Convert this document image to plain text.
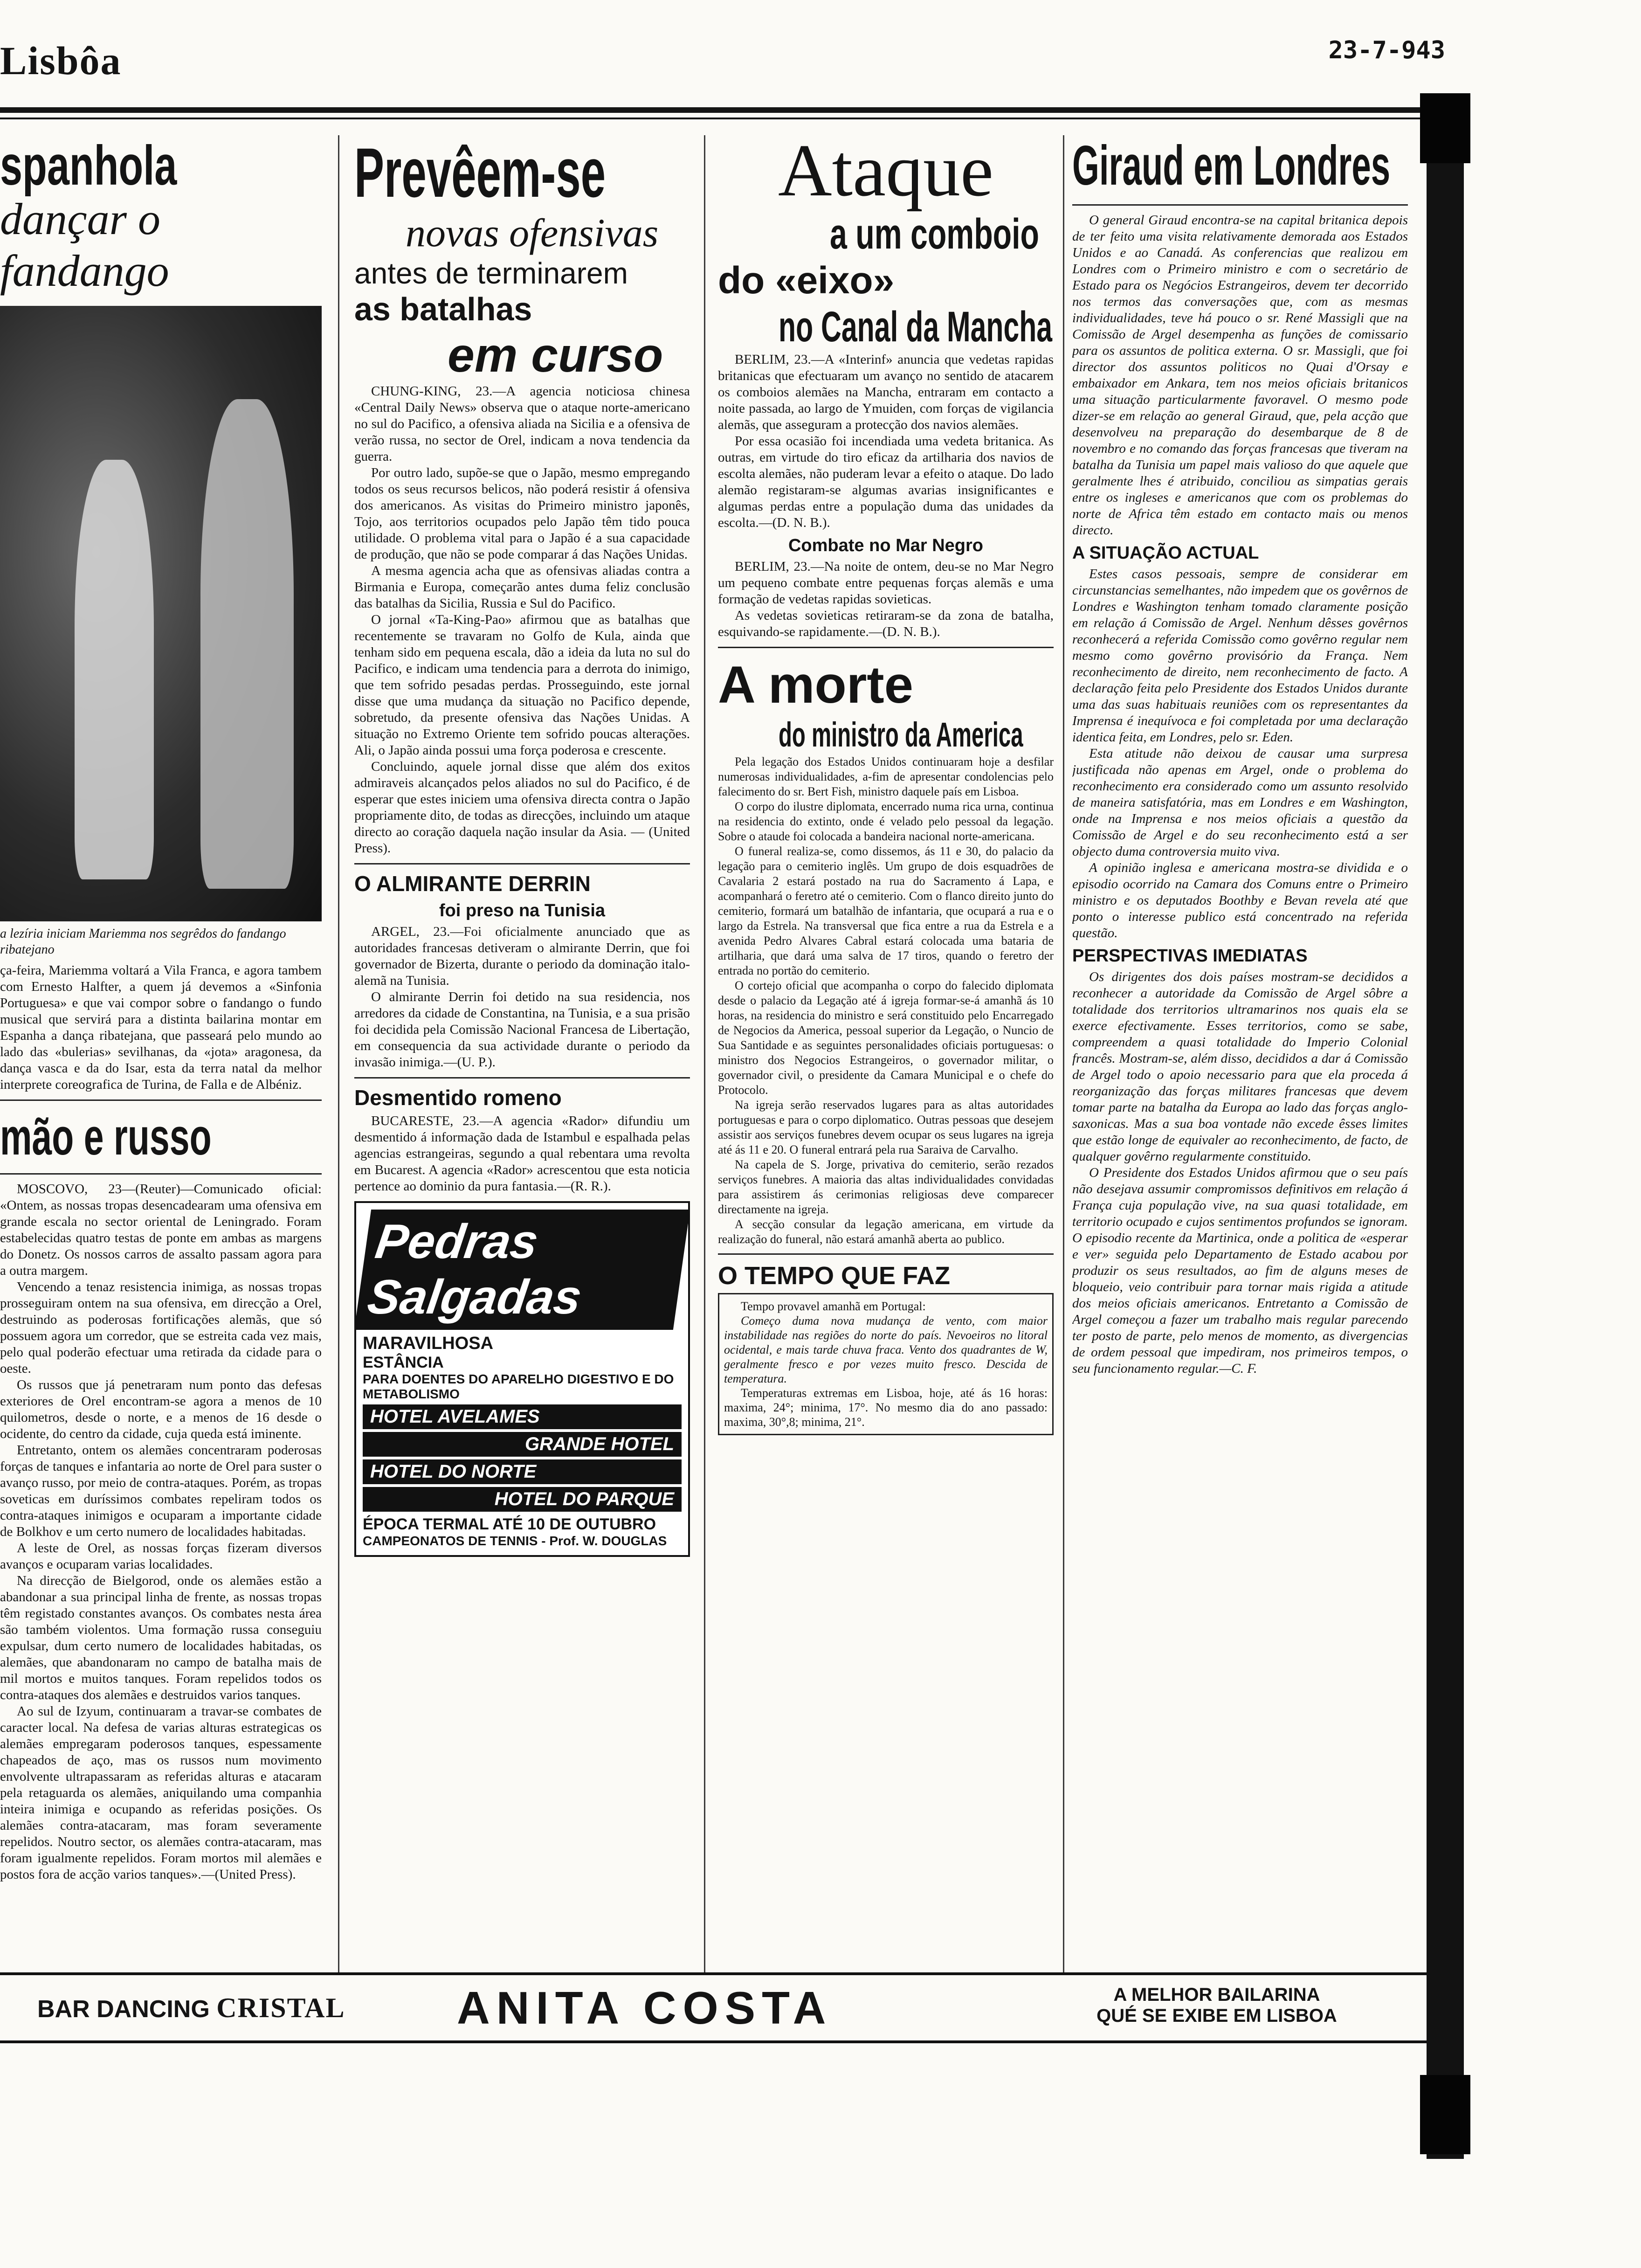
Lisbôa	23-7-943
spanhola
dançar o fandango
a lezíria iniciam Mariemma nos segrêdos do fandango ribatejano

ça-feira, Mariemma voltará a Vila Franca, e agora tambem com Ernesto Halfter, a quem já devemos a «Sinfonia Portuguesa» e que vai compor sobre o fandango o fundo musical que servirá para a distinta bailarina montar em Espanha a dança ribatejana, que passeará pelo mundo ao lado das «bulerias» sevilhanas, da «jota» aragonesa, da dança vasca e da do Isar, esta da terra natal da melhor interprete coreografica de Turina, de Falla e de Albéniz.

mão e russo

MOSCOVO, 23—(Reuter)—Comunicado oficial: «Ontem, as nossas tropas desencadearam uma ofensiva em grande escala no sector oriental de Leningrado. Foram estabelecidas quatro testas de ponte em ambas as margens do Donetz. Os nossos carros de assalto passam agora para a outra margem.

Vencendo a tenaz resistencia inimiga, as nossas tropas prosseguiram ontem na sua ofensiva, em direcção a Orel, destruindo as poderosas fortificações alemãs, que só possuem agora um corredor, que se estreita cada vez mais, pelo qual poderão efectuar uma retirada da cidade para o oeste.

Os russos que já penetraram num ponto das defesas exteriores de Orel encontram-se agora a menos de 10 quilometros, desde o norte, e a menos de 16 desde o ocidente, do centro da cidade, cuja queda está iminente.

Entretanto, ontem os alemães concentraram poderosas forças de tanques e infantaria ao norte de Orel para suster o avanço russo, por meio de contra-ataques. Porém, as tropas soveticas em duríssimos combates repeliram todos os contra-ataques inimigos e ocuparam a importante cidade de Bolkhov e um certo numero de localidades habitadas.

A leste de Orel, as nossas forças fizeram diversos avanços e ocuparam varias localidades.

Na direcção de Bielgorod, onde os alemães estão a abandonar a sua principal linha de frente, as nossas tropas têm registado constantes avanços. Os combates nesta área são também violentos. Uma formação russa conseguiu expulsar, dum certo numero de localidades habitadas, os alemães, que abandonaram no campo de batalha mais de mil mortos e muitos tanques. Foram repelidos todos os contra-ataques dos alemães e destruidos varios tanques.

Ao sul de Izyum, continuaram a travar-se combates de caracter local. Na defesa de varias alturas estrategicas os alemães empregaram poderosos tanques, espessamente chapeados de aço, mas os russos num movimento envolvente ultrapassaram as referidas alturas e atacaram pela retaguarda os alemães, aniquilando uma companhia inteira inimiga e ocupando as referidas posições. Os alemães contra-atacaram, mas foram severamente repelidos. Noutro sector, os alemães contra-atacaram, mas foram igualmente repelidos. Foram mortos mil alemães e postos fora de acção varios tanques».—(United Press).

Prevêem-se
novas ofensivas
antes de terminarem
as batalhas
em curso

CHUNG-KING, 23.—A agencia noticiosa chinesa «Central Daily News» observa que o ataque norte-americano no sul do Pacifico, a ofensiva aliada na Sicilia e a ofensiva de verão russa, no sector de Orel, indicam a nova tendencia da guerra.

Por outro lado, supõe-se que o Japão, mesmo empregando todos os seus recursos belicos, não poderá resistir á ofensiva dos americanos. As visitas do Primeiro ministro japonês, Tojo, aos territorios ocupados pelo Japão têm tido pouca utilidade. O problema vital para o Japão é a sua capacidade de produção, que não se pode comparar á das Nações Unidas.

A mesma agencia acha que as ofensivas aliadas contra a Birmania e Europa, começarão antes duma feliz conclusão das batalhas da Sicilia, Russia e Sul do Pacifico.

O jornal «Ta-King-Pao» afirmou que as batalhas que recentemente se travaram no Golfo de Kula, ainda que tenham sido em pequena escala, dão a ideia da luta no sul do Pacifico, e indicam uma tendencia para a derrota do inimigo, que tem sofrido pesadas perdas. Prosseguindo, este jornal disse que uma mudança da situação no Pacifico depende, sobretudo, da presente ofensiva das Nações Unidas. A situação no Extremo Oriente tem sofrido poucas alterações. Ali, o Japão ainda possui uma força poderosa e crescente.

Concluindo, aquele jornal disse que além dos exitos admiraveis alcançados pelos aliados no sul do Pacifico, é de esperar que estes iniciem uma ofensiva directa contra o Japão propriamente dito, de todas as direcções, incluindo um ataque directo ao coração daquela nação insular da Asia. — (United Press).

O ALMIRANTE DERRIN
foi preso na Tunisia

ARGEL, 23.—Foi oficialmente anunciado que as autoridades francesas detiveram o almirante Derrin, que foi governador de Bizerta, durante o periodo da dominação italo-alemã na Tunisia.

O almirante Derrin foi detido na sua residencia, nos arredores da cidade de Constantina, na Tunisia, e a sua prisão foi decidida pela Comissão Nacional Francesa de Libertação, em consequencia da sua actividade durante o periodo da invasão inimiga.—(U. P.).

Desmentido romeno

BUCARESTE, 23.—A agencia «Rador» difundiu um desmentido á informação dada de Istambul e espalhada pelas agencias estrangeiras, segundo a qual rebentara uma revolta em Bucarest. A agencia «Rador» acrescentou que esta noticia pertence ao dominio da pura fantasia.—(R. R.).

Pedras Salgadas
MARAVILHOSA
ESTÂNCIA
PARA DOENTES DO APARELHO DIGESTIVO E DO METABOLISMO
HOTEL AVELAMES
GRANDE HOTEL
HOTEL DO NORTE
HOTEL DO PARQUE
ÉPOCA TERMAL ATÉ 10 DE OUTUBRO
CAMPEONATOS DE TENNIS - Prof. W. DOUGLAS
Ataque
a um comboio
do «eixo»
no Canal da Mancha

BERLIM, 23.—A «Interinf» anuncia que vedetas rapidas britanicas que efectuaram um avanço no sentido de atacarem os comboios alemães na Mancha, entraram em contacto a noite passada, ao largo de Ymuiden, com forças de vigilancia alemãs, que asseguram a protecção dos navios alemães.

Por essa ocasião foi incendiada uma vedeta britanica. As outras, em virtude do tiro eficaz da artilharia dos navios de escolta alemães, não puderam levar a efeito o ataque. Do lado alemão registaram-se algumas avarias insignificantes e algumas perdas entre a população duma das unidades da escolta.—(D. N. B.).

Combate no Mar Negro

BERLIM, 23.—Na noite de ontem, deu-se no Mar Negro um pequeno combate entre pequenas forças alemãs e uma formação de vedetas rapidas sovieticas.

As vedetas sovieticas retiraram-se da zona de batalha, esquivando-se rapidamente.—(D. N. B.).

A morte
do ministro da America

Pela legação dos Estados Unidos continuaram hoje a desfilar numerosas individualidades, a-fim de apresentar condolencias pelo falecimento do sr. Bert Fish, ministro daquele país em Lisboa.

O corpo do ilustre diplomata, encerrado numa rica urna, continua na residencia do extinto, onde é velado pelo pessoal da legação. Sobre o ataude foi colocada a bandeira nacional norte-americana.

O funeral realiza-se, como dissemos, ás 11 e 30, do palacio da legação para o cemiterio inglês. Um grupo de dois esquadrões de Cavalaria 2 estará postado na rua do Sacramento á Lapa, e acompanhará o feretro até o cemiterio. Com o flanco direito junto do cemiterio, formará um batalhão de infantaria, que ocupará a rua e o largo da Estrela. Na transversal que fica entre a rua da Estrela e a avenida Pedro Alvares Cabral estará colocada uma bataria de artilharia, que dará uma salva de 17 tiros, quando o feretro der entrada no portão do cemiterio.

O cortejo oficial que acompanha o corpo do falecido diplomata desde o palacio da Legação até á igreja formar-se-á amanhã ás 10 horas, na residencia do ministro e será constituido pelo Encarregado de Negocios da America, pessoal superior da Legação, o Nuncio de Sua Santidade e as seguintes personalidades oficiais portuguesas: o ministro dos Negocios Estrangeiros, o governador militar, o governador civil, o presidente da Camara Municipal e o chefe do Protocolo.

Na igreja serão reservados lugares para as altas autoridades portuguesas e para o corpo diplomatico. Outras pessoas que desejem assistir aos serviços funebres devem ocupar os seus lugares na igreja até ás 11 e 20. O funeral entrará pela rua Saraiva de Carvalho.

Na capela de S. Jorge, privativa do cemiterio, serão rezados serviços funebres. A maioria das altas individualidades convidadas para assistirem ás cerimonias religiosas deve comparecer directamente na igreja.

A secção consular da legação americana, em virtude da realização do funeral, não estará amanhã aberta ao publico.

O TEMPO QUE FAZ

Tempo provavel amanhã em Portugal:

Começo duma nova mudança de vento, com maior instabilidade nas regiões do norte do país. Nevoeiros no litoral ocidental, e mais tarde chuva fraca. Vento dos quadrantes de W, geralmente fresco e por vezes muito fresco. Descida de temperatura.

Temperaturas extremas em Lisboa, hoje, até ás 16 horas: maxima, 24°; minima, 17°. No mesmo dia do ano passado: maxima, 30°,8; minima, 21°.

Giraud em Londres

O general Giraud encontra-se na capital britanica depois de ter feito uma visita relativamente demorada aos Estados Unidos e ao Canadá. As conferencias que realizou em Londres com o Primeiro ministro e com o secretário de Estado para os Negócios Estrangeiros, devem ter decorrido nos termos das conversações que, com as mesmas individualidades, teve há pouco o sr. René Massigli que na Comissão de Argel desempenha as funções de comissario para os assuntos de politica externa. O sr. Massigli, que foi director dos assuntos politicos no Quai d'Orsay e embaixador em Ankara, tem nos meios oficiais britanicos uma situação particularmente favoravel. O mesmo pode dizer-se em relação ao general Giraud, que, pela acção que desenvolveu na preparação do desembarque de 8 de novembro e no comando das forças francesas que tiveram na batalha da Tunisia um papel mais valioso do que aquele que geralmente lhes é atribuido, conciliou as simpatias gerais entre os ingleses e americanos que com os problemas do norte de Africa têm estado em contacto mais ou menos directo.

A SITUAÇÃO ACTUAL

Estes casos pessoais, sempre de considerar em circunstancias semelhantes, não impedem que os govêrnos de Londres e Washington tenham tomado claramente posição em relação á Comissão de Argel. Nenhum dêsses govêrnos reconhecerá a referida Comissão como govêrno regular nem mesmo como govêrno provisório da França. Nem reconhecimento de direito, nem reconhecimento de facto. A declaração feita pelo Presidente dos Estados Unidos durante uma das suas habituais reuniões com os representantes da Imprensa é inequívoca e foi completada por uma declaração identica feita, em Londres, pelo sr. Eden.

Esta atitude não deixou de causar uma surpresa justificada não apenas em Argel, onde o problema do reconhecimento era considerado como um assunto resolvido de maneira satisfatória, mas em Londres e em Washington, onde na Imprensa e nos meios oficiais a questão da Comissão de Argel e do seu reconhecimento está a ser objecto duma controversia muito viva.

A opinião inglesa e americana mostra-se dividida e o episodio ocorrido na Camara dos Comuns entre o Primeiro ministro e os deputados Boothby e Bevan revela até que ponto o interesse publico está concentrado na referida questão.

PERSPECTIVAS IMEDIATAS

Os dirigentes dos dois países mostram-se decididos a reconhecer a autoridade da Comissão de Argel sôbre a totalidade dos territorios ultramarinos nos quais ela se exerce efectivamente. Esses territorios, como se sabe, compreendem a quasi totalidade do Imperio Colonial francês. Mostram-se, além disso, decididos a dar á Comissão de Argel todo o apoio necessario para que ela proceda á reorganização das forças militares francesas que devem tomar parte na batalha da Europa ao lado das forças anglo-saxonicas. Mas a sua boa vontade não excede êsses limites que estão longe de equivaler ao reconhecimento, de facto, de qualquer govêrno regularmente constituido.

O Presidente dos Estados Unidos afirmou que o seu país não desejava assumir compromissos definitivos em relação á França cuja população vive, na sua quasi totalidade, em territorio ocupado e cujos sentimentos profundos se ignoram. O episodio recente da Martinica, onde a politica de «esperar e ver» seguida pelo Departamento de Estado acabou por produzir os seus resultados, ao fim de alguns meses de bloqueio, veio contribuir para tornar mais rigida a atitude dos meios oficiais americanos. Entretanto a Comissão de Argel começou a fazer um trabalho mais regular parecendo ter posto de parte, pelo menos de momento, as divergencias de ordem pessoal que impediram, nos primeiros tempos, o seu funcionamento regular.—C. F.

BAR DANCING CRISTAL ANITA COSTA	A MELHOR BAILARINA
QUÉ SE EXIBE EM LISBOA
